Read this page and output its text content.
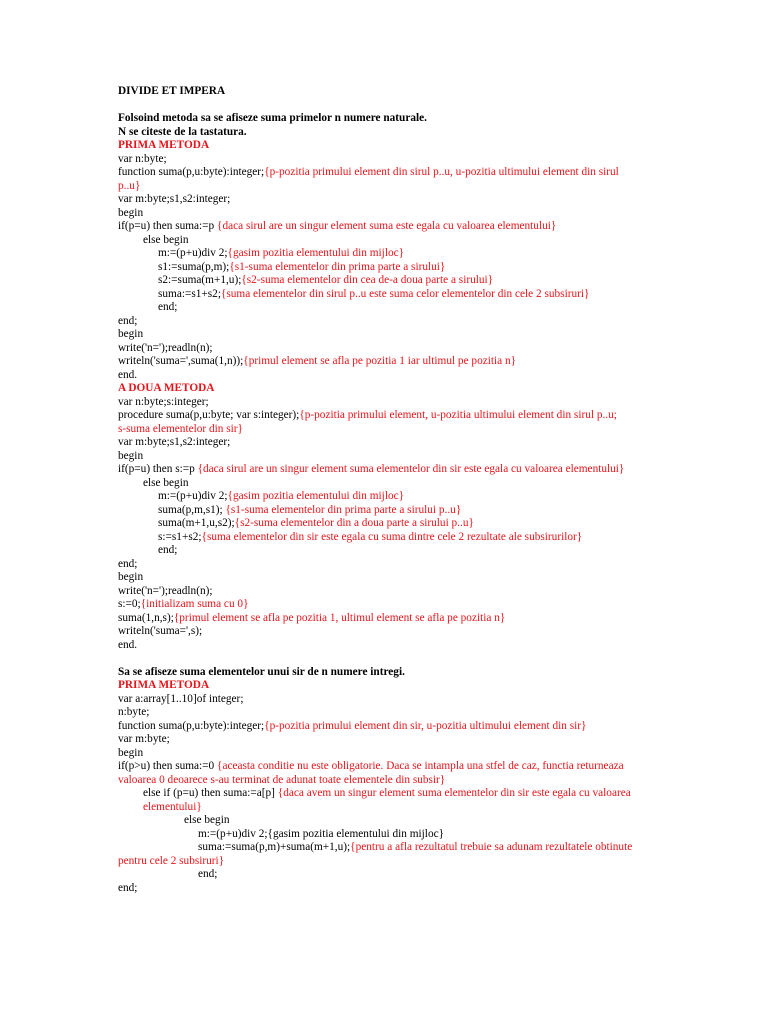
DIVIDE ET IMPERA
Folsoind metoda sa se afiseze suma primelor n numere naturale.
N se citeste de la tastatura.
PRIMA METODA
var n:byte;
function suma(p,u:byte):integer;{p-pozitia primului element din sirul p..u, u-pozitia ultimului element din sirul
p..u}
var m:byte;s1,s2:integer;
begin
if(p=u) then suma:=p {daca sirul are un singur element suma este egala cu valoarea elementului}
else begin
m:=(p+u)div 2;{gasim pozitia elementului din mijloc}
s1:=suma(p,m);{s1-suma elementelor din prima parte a sirului}
s2:=suma(m+1,u);{s2-suma elementelor din cea de-a doua parte a sirului}
suma:=s1+s2;{suma elementelor din sirul p..u este suma celor elementelor din cele 2 subsiruri}
end;
end;
begin
write('n=');readln(n);
writeln('suma=',suma(1,n));{primul element se afla pe pozitia 1 iar ultimul pe pozitia n}
end.
A DOUA METODA
var n:byte;s:integer;
procedure suma(p,u:byte; var s:integer);{p-pozitia primului element, u-pozitia ultimului element din sirul p..u;
s-suma elementelor din sir}
var m:byte;s1,s2:integer;
begin
if(p=u) then s:=p {daca sirul are un singur element suma elementelor din sir este egala cu valoarea elementului}
else begin
m:=(p+u)div 2;{gasim pozitia elementului din mijloc}
suma(p,m,s1); {s1-suma elementelor din prima parte a sirului p..u}
suma(m+1,u,s2);{s2-suma elementelor din a doua parte a sirului p..u}
s:=s1+s2;{suma elementelor din sir este egala cu suma dintre cele 2 rezultate ale subsirurilor}
end;
end;
begin
write('n=');readln(n);
s:=0;{initializam suma cu 0}
suma(1,n,s);{primul element se afla pe pozitia 1, ultimul element se afla pe pozitia n}
writeln('suma=',s);
end.
Sa se afiseze suma elementelor unui sir de n numere intregi.
PRIMA METODA
var a:array[1..10]of integer;
n:byte;
function suma(p,u:byte):integer;{p-pozitia primului element din sir, u-pozitia ultimului element din sir}
var m:byte;
begin
if(p>u) then suma:=0 {aceasta conditie nu este obligatorie. Daca se intampla una stfel de caz, functia returneaza valoarea 0 deoarece s-au terminat de adunat toate elementele din subsir}
else if (p=u) then suma:=a[p] {daca avem un singur element suma elementelor din sir este egala cu valoarea elementului}
else begin
m:=(p+u)div 2;{gasim pozitia elementului din mijloc}
suma:=suma(p,m)+suma(m+1,u);{pentru a afla rezultatul trebuie sa adunam rezultatele obtinute pentru cele 2 subsiruri}
end;
end;
